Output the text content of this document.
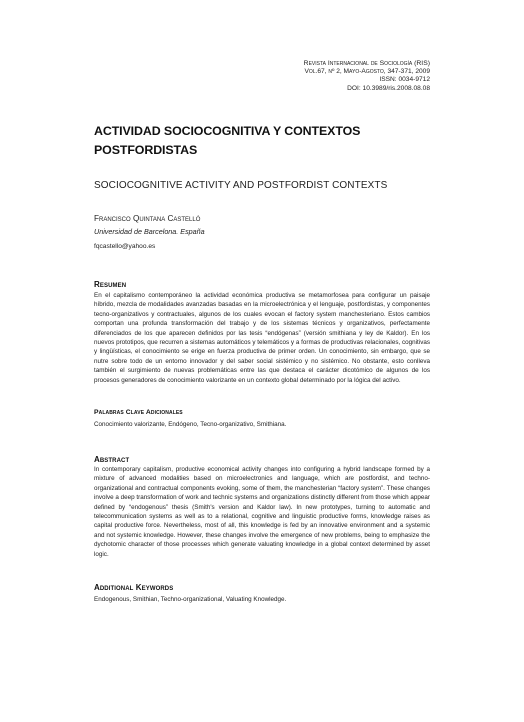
Revista Internacional de Sociología (RIS)
Vol.67, nº 2, Mayo-Agosto, 347-371, 2009
ISSN: 0034-9712
DOI: 10.3989/ris.2008.08.08
ACTIVIDAD SOCIOCOGNITIVA Y CONTEXTOS
POSTFORDISTAS
SOCIOCOGNITIVE ACTIVITY AND POSTFORDIST CONTEXTS
Francisco Quintana Castelló
Universidad de Barcelona. España
fqcastello@yahoo.es
Resumen
En el capitalismo contemporáneo la actividad económica productiva se metamorfosea para configurar un paisaje híbrido, mezcla de modalidades avanzadas basadas en la microelectrónica y el lenguaje, postfordistas, y componentes tecno-organizativos y contractuales, algunos de los cuales evocan el factory system manchesteriano. Estos cambios comportan una profunda transformación del trabajo y de los sistemas técnicos y organizativos, perfectamente diferenciados de los que aparecen definidos por las tesis “endógenas” (versión smithiana y ley de Kaldor). En los nuevos prototipos, que recurren a sistemas automáticos y telemáticos y a formas de productivas relacionales, cognitivas y lingüísticas, el conocimiento se erige en fuerza productiva de primer orden. Un conocimiento, sin embargo, que se nutre sobre todo de un entorno innovador y del saber social sistémico y no sistémico. No obstante, esto conlleva también el surgimiento de nuevas problemáticas entre las que destaca el carácter dicotómico de algunos de los procesos generadores de conocimiento valorizante en un contexto global determinado por la lógica del activo.
Palabras Clave Adicionales
Conocimiento valorizante, Endógeno, Tecno-organizativo, Smithiana.
Abstract
In contemporary capitalism, productive economical activity changes into configuring a hybrid landscape formed by a mixture of advanced modalities based on microelectronics and language, which are postfordist, and techno-organizational and contractual components evoking, some of them, the manchesterian “factory system”. These changes involve a deep transformation of work and technic systems and organizations distinctly different from those which appear defined by “endogenous” thesis (Smith's version and Kaldor law). In new prototypes, turning to automatic and telecommunication systems as well as to a relational, cognitive and linguistic productive forms, knowledge raises as capital productive force. Nevertheless, most of all, this knowledge is fed by an innovative environment and a systemic and not systemic knowledge. However, these changes involve the emergence of new problems, being to emphasize the dychotomic character of those processes which generate valuating knowledge in a global context determined by asset logic.
Additional Keywords
Endogenous, Smithian, Techno-organizational, Valuating Knowledge.
